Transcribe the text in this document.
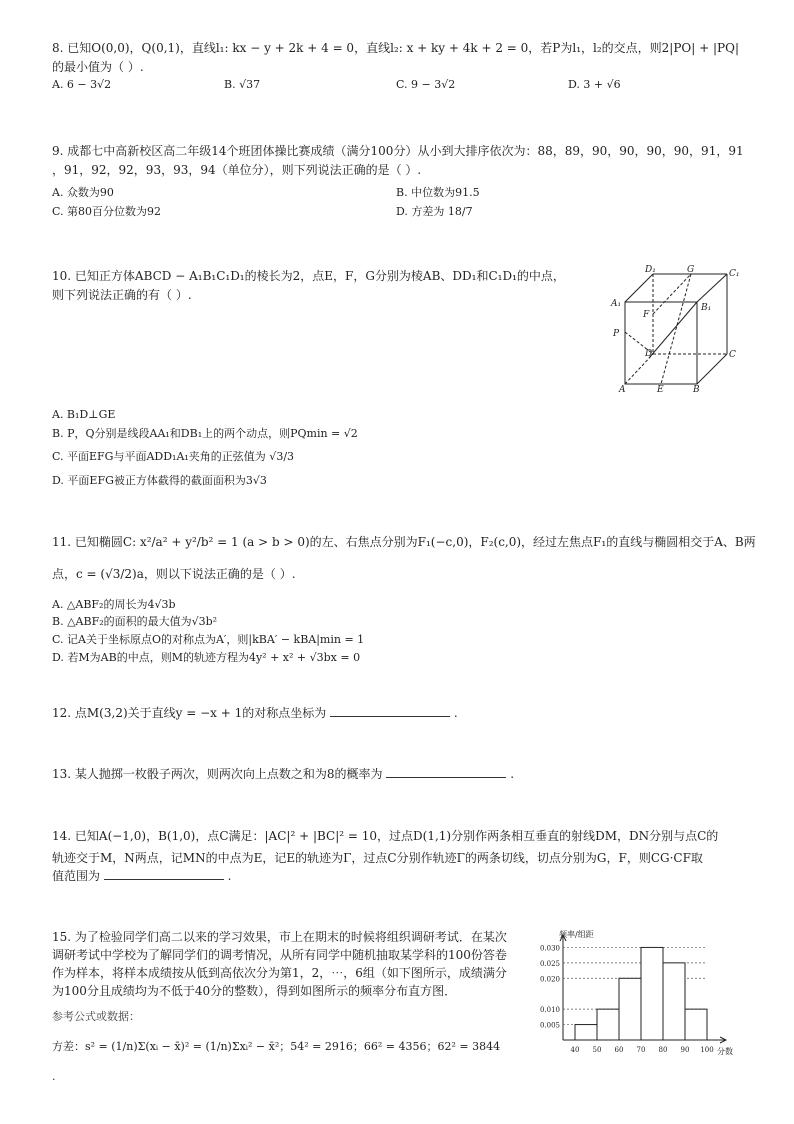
8. 已知O(0,0)，Q(0,1)，直线l₁: kx − y + 2k + 4 = 0，直线l₂: x + ky + 4k + 2 = 0，若P为l₁，l₂的交点，则2|PO| + |PQ|
的最小值为（ ）.
A. 6 − 3√2	B. √37	C. 9 − 3√2	D. 3 + √6
9. 成都七中高新校区高二年级14个班团体操比赛成绩（满分100分）从小到大排序依次为：88，89，90，90，90，90，91，91
，91，92，92，93，93，94（单位分），则下列说法正确的是（ ）.
A. 众数为90	B. 中位数为91.5
C. 第80百分位数为92	D. 方差为 18/7
10. 已知正方体ABCD − A₁B₁C₁D₁的棱长为2，点E，F，G分别为棱AB、DD₁和C₁D₁的中点，
则下列说法正确的有（ ）.
D₁	G	C₁
A₁	B₁
F
P
D	C
A	E	B
A. B₁D⊥GE
B. P，Q分别是线段AA₁和DB₁上的两个动点，则PQmin = √2
C. 平面EFG与平面ADD₁A₁夹角的正弦值为 √3/3
D. 平面EFG被正方体截得的截面面积为3√3
11. 已知椭圆C: x²/a² + y²/b² = 1 (a > b > 0)的左、右焦点分别为F₁(−c,0)，F₂(c,0)，经过左焦点F₁的直线与椭圆相交于A、B两
点，c = (√3/2)a，则以下说法正确的是（ ）.
A. △ABF₂的周长为4√3b
B. △ABF₂的面积的最大值为√3b²
C. 记A关于坐标原点O的对称点为A′，则|kBA′ − kBA|min = 1
D. 若M为AB的中点，则M的轨迹方程为4y² + x² + √3bx = 0
12. 点M(3,2)关于直线y = −x + 1的对称点坐标为	.
13. 某人抛掷一枚骰子两次，则两次向上点数之和为8的概率为	.
14. 已知A(−1,0)，B(1,0)，点C满足：|AC|² + |BC|² = 10，过点D(1,1)分别作两条相互垂直的射线DM，DN分别与点C的
轨迹交于M，N两点，记MN的中点为E，记E的轨迹为Γ，过点C分别作轨迹Γ的两条切线，切点分别为G，F，则CG·CF取
值范围为	.
15. 为了检验同学们高二以来的学习效果，市上在期末的时候将组织调研考试．在某次
调研考试中学校为了解同学们的调考情况，从所有同学中随机抽取某学科的100份答卷
作为样本，将样本成绩按从低到高依次分为第1，2，⋯，6组（如下图所示，成绩满分
为100分且成绩均为不低于40分的整数），得到如图所示的频率分布直方图．
参考公式或数据：
方差：s² = (1/n)Σ(xᵢ − x̄)² = (1/n)Σxᵢ² − x̄²；54² = 2916；66² = 4356；62² = 3844
.
频率/组距
分数
0.005
0.010
0.020
0.025
0.030
40 50 60 70 80 90 100
